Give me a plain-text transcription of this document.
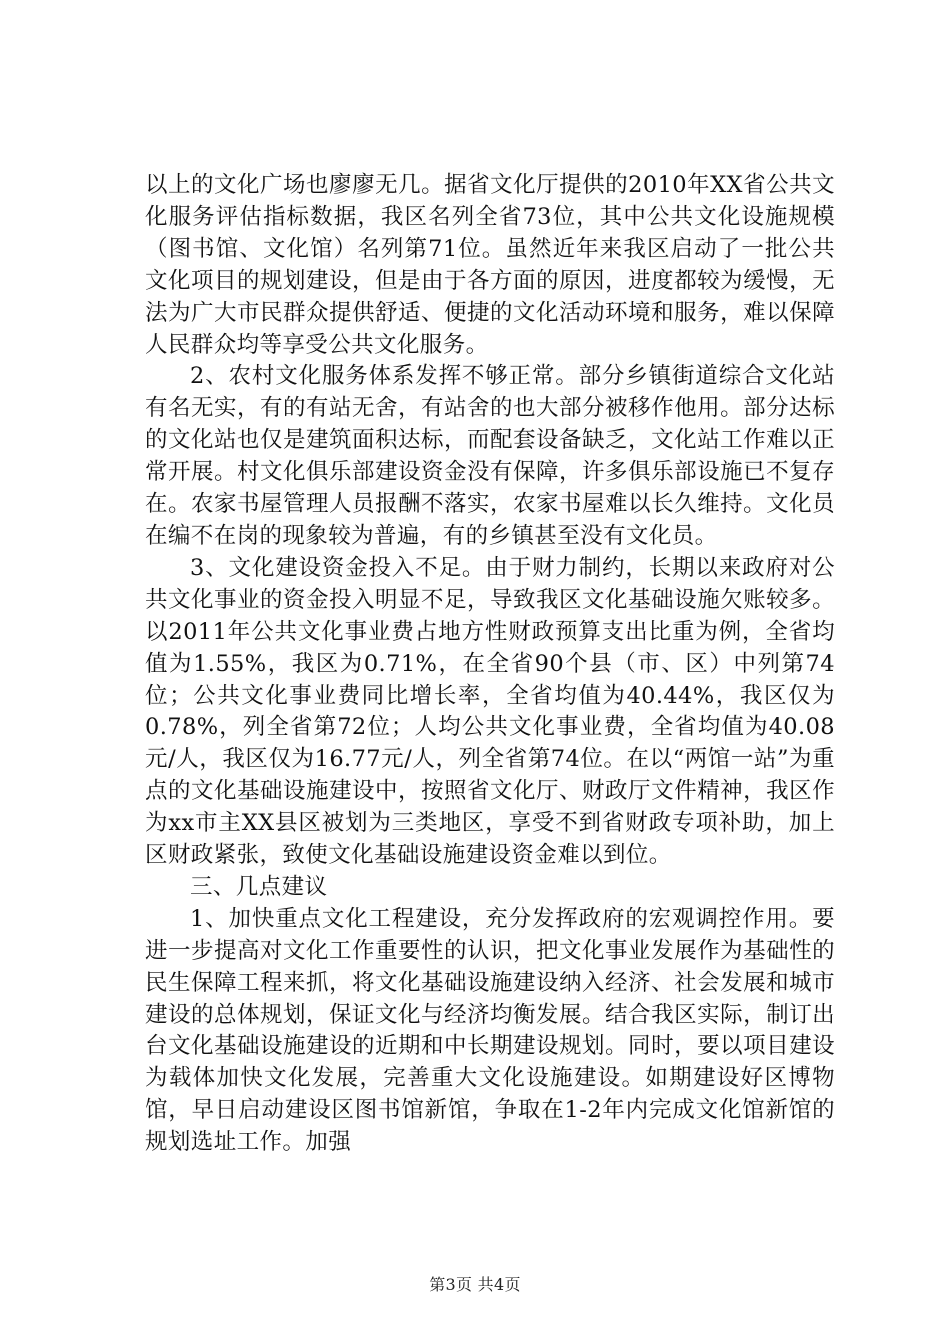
以上的文化广场也廖廖无几。据省文化厅提供的2010年XX省公共文化服务评估指标数据，我区名列全省73位，其中公共文化设施规模（图书馆、文化馆）名列第71位。虽然近年来我区启动了一批公共文化项目的规划建设，但是由于各方面的原因，进度都较为缓慢，无法为广大市民群众提供舒适、便捷的文化活动环境和服务，难以保障人民群众均等享受公共文化服务。

2、农村文化服务体系发挥不够正常。部分乡镇街道综合文化站有名无实，有的有站无舍，有站舍的也大部分被移作他用。部分达标的文化站也仅是建筑面积达标，而配套设备缺乏，文化站工作难以正常开展。村文化俱乐部建设资金没有保障，许多俱乐部设施已不复存在。农家书屋管理人员报酬不落实，农家书屋难以长久维持。文化员在编不在岗的现象较为普遍，有的乡镇甚至没有文化员。

3、文化建设资金投入不足。由于财力制约，长期以来政府对公共文化事业的资金投入明显不足，导致我区文化基础设施欠账较多。以2011年公共文化事业费占地方性财政预算支出比重为例，全省均值为1.55%，我区为0.71%，在全省90个县（市、区）中列第74位；公共文化事业费同比增长率，全省均值为40.44%，我区仅为0.78%，列全省第72位；人均公共文化事业费，全省均值为40.08元/人，我区仅为16.77元/人，列全省第74位。在以“两馆一站”为重点的文化基础设施建设中，按照省文化厅、财政厅文件精神，我区作为xx市主XX县区被划为三类地区，享受不到省财政专项补助，加上区财政紧张，致使文化基础设施建设资金难以到位。

三、几点建议

1、加快重点文化工程建设，充分发挥政府的宏观调控作用。要进一步提高对文化工作重要性的认识，把文化事业发展作为基础性的民生保障工程来抓，将文化基础设施建设纳入经济、社会发展和城市建设的总体规划，保证文化与经济均衡发展。结合我区实际，制订出台文化基础设施建设的近期和中长期建设规划。同时，要以项目建设为载体加快文化发展，完善重大文化设施建设。如期建设好区博物馆，早日启动建设区图书馆新馆，争取在1-2年内完成文化馆新馆的规划选址工作。加强

第3页 共4页
